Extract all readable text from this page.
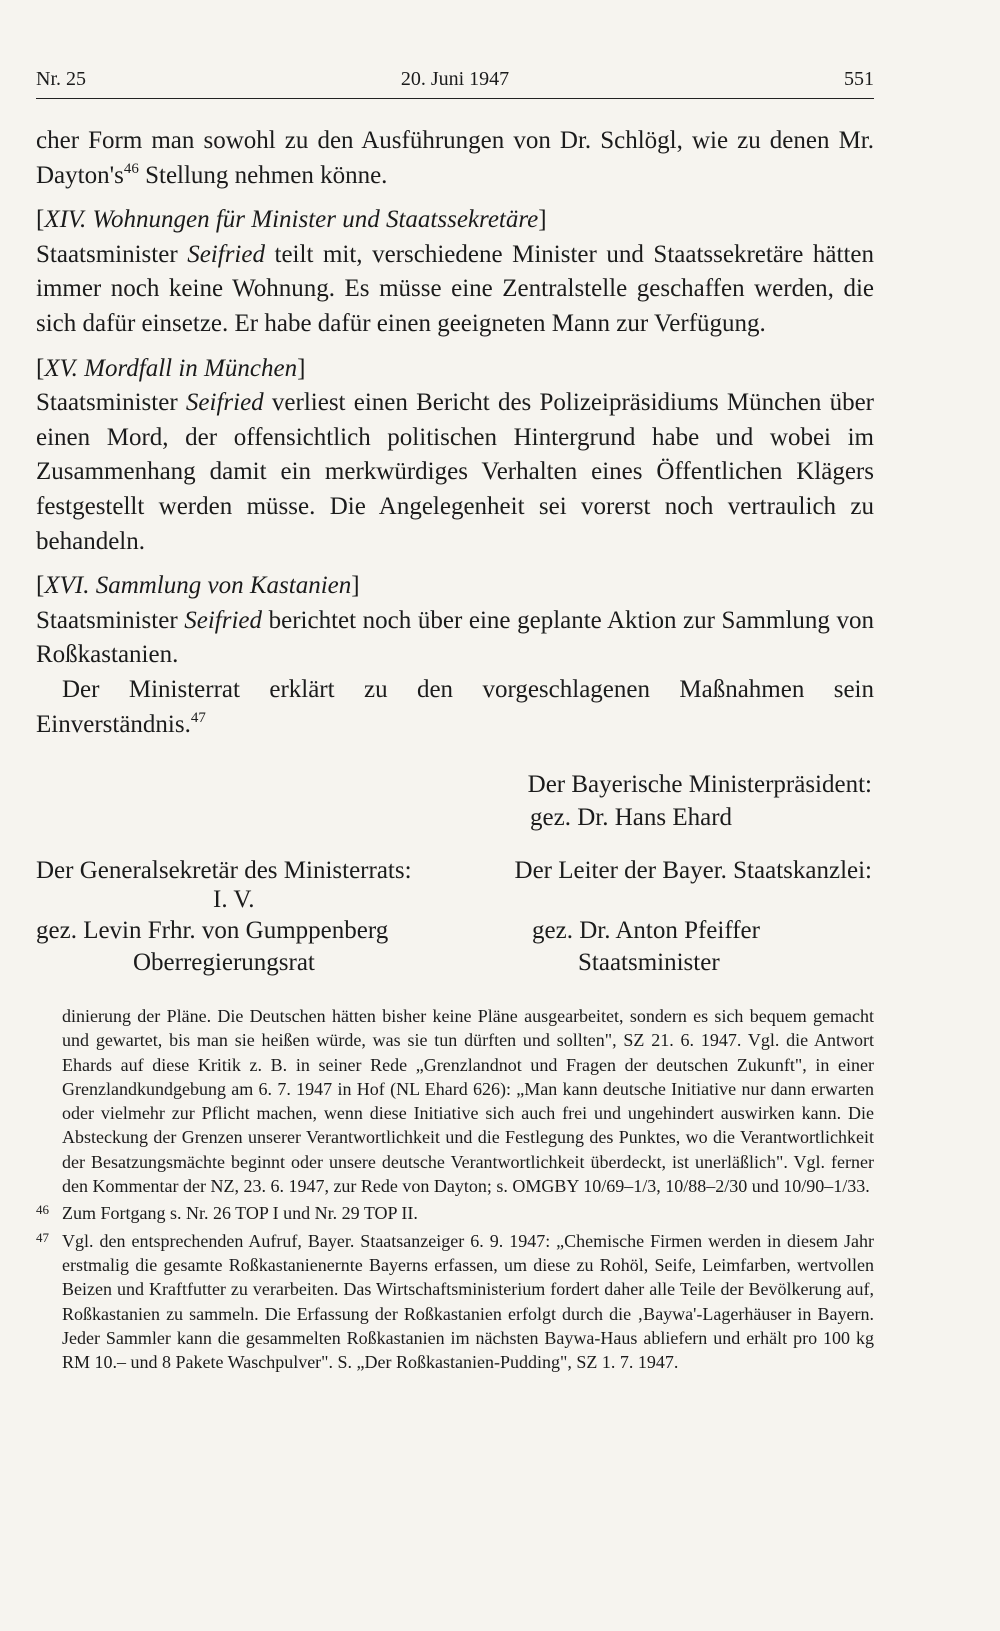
Nr. 25	20. Juni 1947	551

cher Form man sowohl zu den Ausführungen von Dr. Schlögl, wie zu denen Mr. $Dayton's^{46}$ Stellung nehmen könne.

[XIV. Wohnungen für Minister und Staatssekretäre]

Staatsminister Seifried teilt mit, verschiedene Minister und Staatssekretäre hätten immer noch keine Wohnung. Es müsse eine Zentralstelle geschaffen werden, die sich dafür einsetze. Er habe dafür einen geeigneten Mann zur Verfügung.

[XV. Mordfall in München]

Staatsminister Seifried verliest einen Bericht des Polizeipräsidiums München über einen Mord, der offensichtlich politischen Hintergrund habe und wobei im Zusammenhang damit ein merkwürdiges Verhalten eines Öffentlichen Klägers festgestellt werden müsse. Die Angelegenheit sei vorerst noch vertraulich zu behandeln.

[XVI. Sammlung von Kastanien]

Staatsminister Seifried berichtet noch über eine geplante Aktion zur Sammlung von Roßkastanien.

Der Ministerrat erklärt zu den vorgeschlagenen Maßnahmen sein Einverständnis.$^{47}$

Der Bayerische Ministerpräsident:
gez. Dr. Hans Ehard
Der Generalsekretär des Ministerrats:	Der Leiter der Bayer. Staatskanzlei:
I. V.
gez. Levin Frhr. von Gumppenberg	gez. Dr. Anton Pfeiffer
Oberregierungsrat	Staatsminister

dinierung der Pläne. Die Deutschen hätten bisher keine Pläne ausgearbeitet, sondern es sich bequem gemacht und gewartet, bis man sie heißen würde, was sie tun dürften und sollten", SZ 21. 6. 1947. Vgl. die Antwort Ehards auf diese Kritik z. B. in seiner Rede „Grenzlandnot und Fragen der deutschen Zukunft", in einer Grenzlandkundgebung am 6. 7. 1947 in Hof (NL Ehard 626): „Man kann deutsche Initiative nur dann erwarten oder vielmehr zur Pflicht machen, wenn diese Initiative sich auch frei und ungehindert auswirken kann. Die Absteckung der Grenzen unserer Verantwortlichkeit und die Festlegung des Punktes, wo die Verantwortlichkeit der Besatzungsmächte beginnt oder unsere deutsche Verantwortlichkeit überdeckt, ist unerläßlich". Vgl. ferner den Kommentar der NZ, 23. 6. 1947, zur Rede von Dayton; s. OMGBY 10/69–1/3, 10/88–2/30 und 10/90–1/33.

46 Zum Fortgang s. Nr. 26 TOP I und Nr. 29 TOP II.

47 Vgl. den entsprechenden Aufruf, Bayer. Staatsanzeiger 6. 9. 1947: „Chemische Firmen werden in diesem Jahr erstmalig die gesamte Roßkastanienernte Bayerns erfassen, um diese zu Rohöl, Seife, Leimfarben, wertvollen Beizen und Kraftfutter zu verarbeiten. Das Wirtschaftsministerium fordert daher alle Teile der Bevölkerung auf, Roßkastanien zu sammeln. Die Erfassung der Roßkastanien erfolgt durch die ‚Baywa'-Lagerhäuser in Bayern. Jeder Sammler kann die gesammelten Roßkastanien im nächsten Baywa-Haus abliefern und erhält pro 100 kg RM 10.– und 8 Pakete Waschpulver". S. „Der Roßkastanien-Pudding", SZ 1. 7. 1947.
